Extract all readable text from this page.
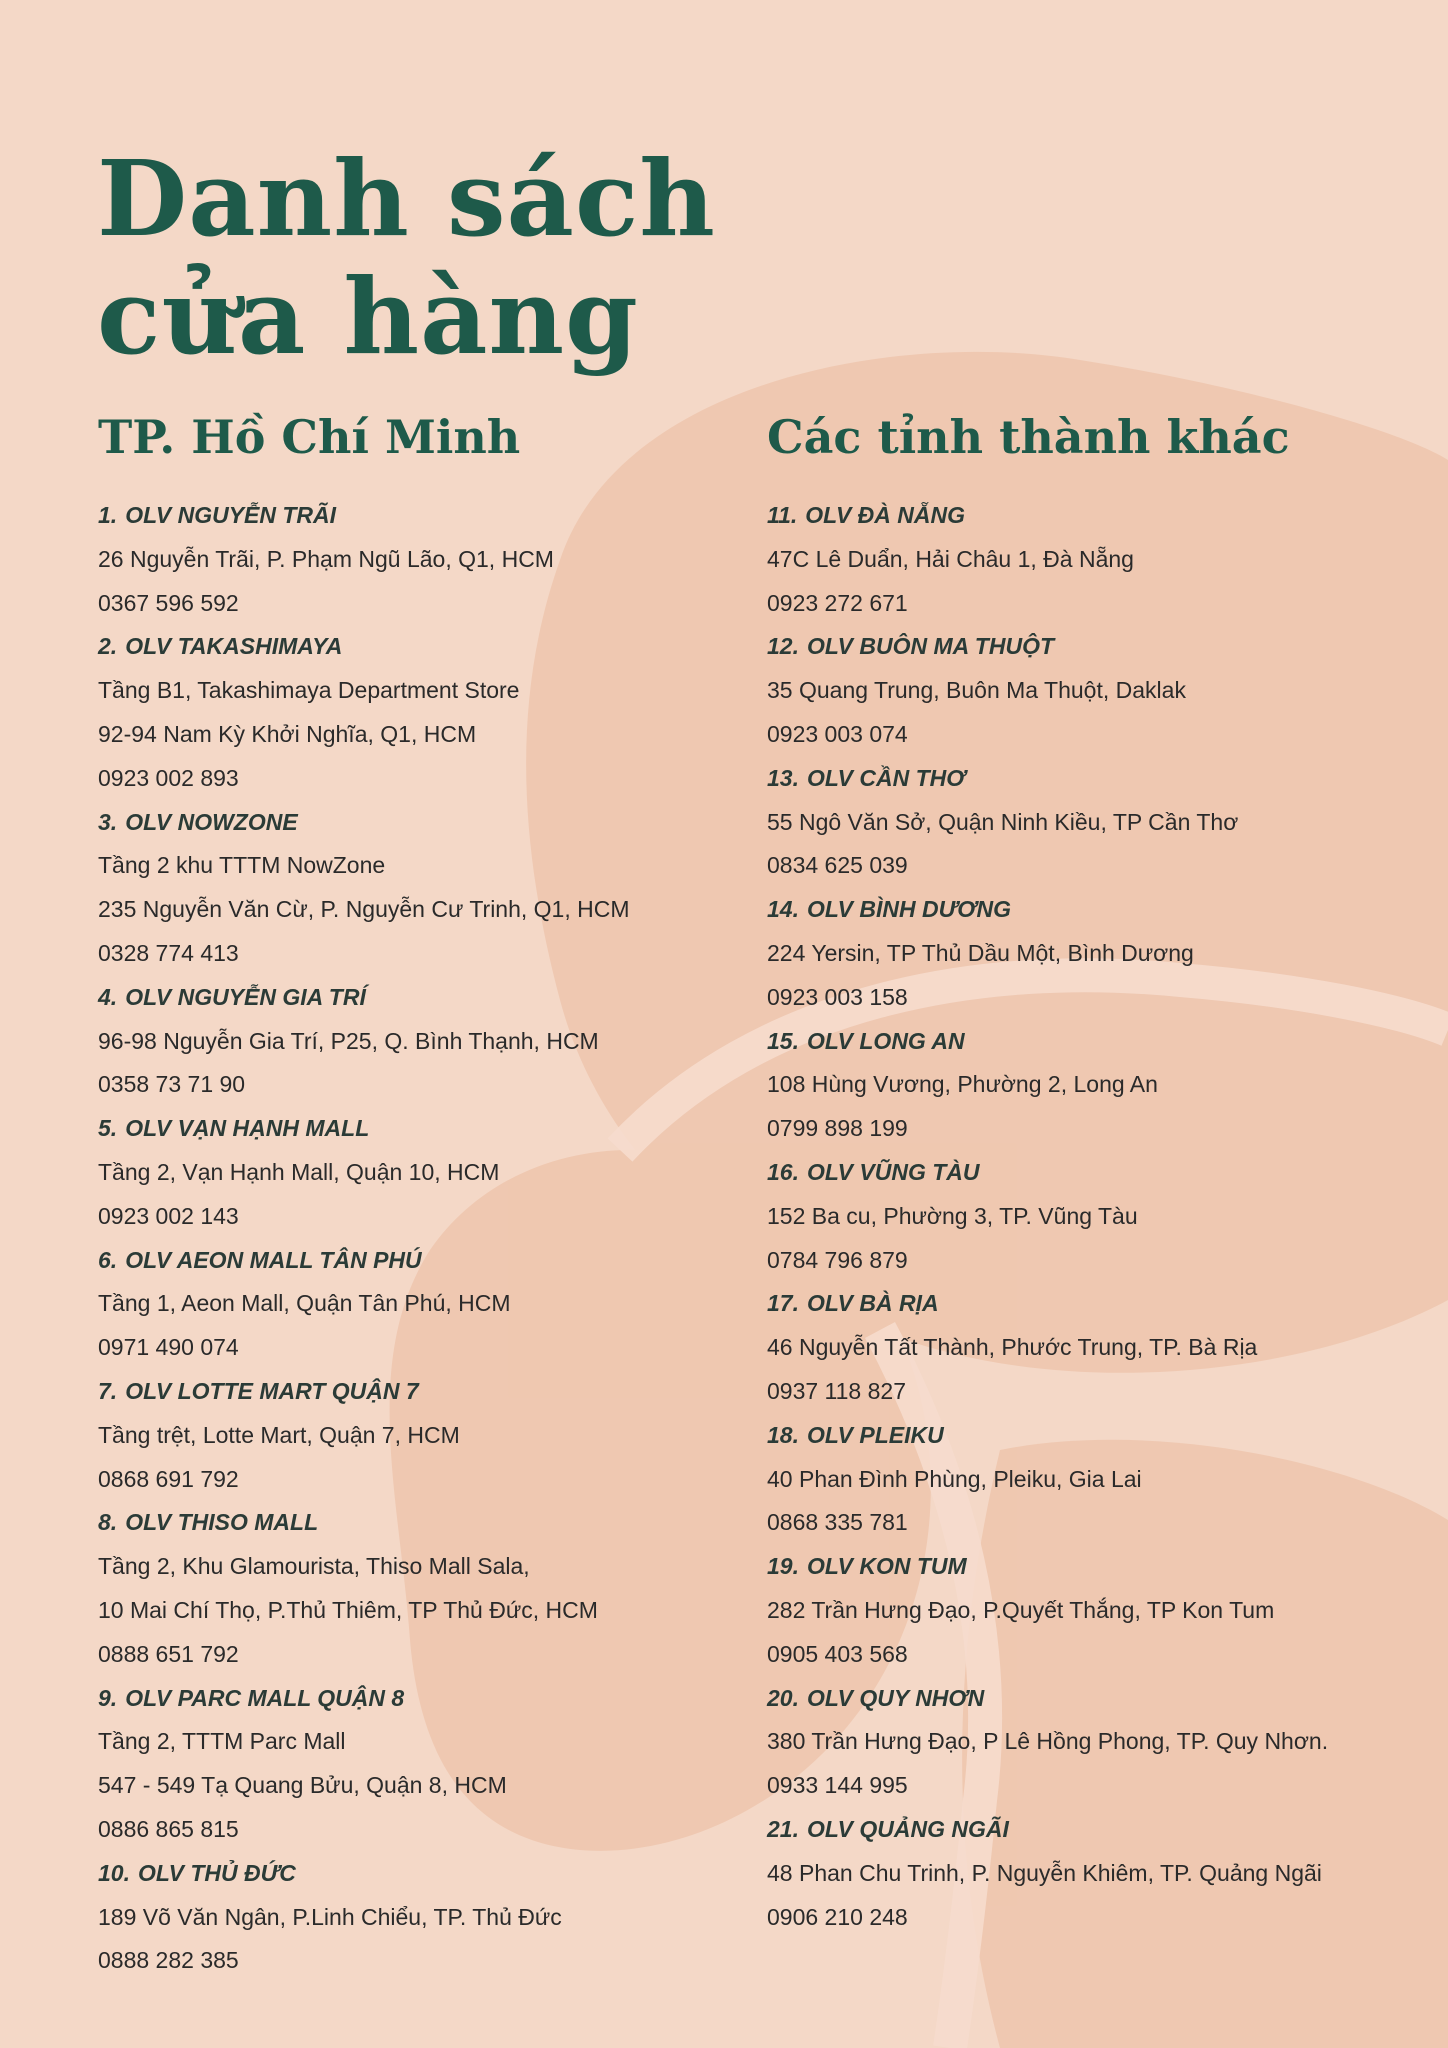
Danh sách
cửa hàng
TP. Hồ Chí Minh
1. OLV NGUYỄN TRÃI
26 Nguyễn Trãi, P. Phạm Ngũ Lão, Q1, HCM
0367 596 592
2. OLV TAKASHIMAYA
Tầng B1, Takashimaya Department Store
92-94 Nam Kỳ Khởi Nghĩa, Q1, HCM
0923 002 893
3. OLV NOWZONE
Tầng 2 khu TTTM NowZone
235 Nguyễn Văn Cừ, P. Nguyễn Cư Trinh, Q1, HCM
0328 774 413
4. OLV NGUYỄN GIA TRÍ
96-98 Nguyễn Gia Trí, P25, Q. Bình Thạnh, HCM
0358 73 71 90
5. OLV VẠN HẠNH MALL
Tầng 2, Vạn Hạnh Mall, Quận 10, HCM
0923 002 143
6. OLV AEON MALL TÂN PHÚ
Tầng 1, Aeon Mall, Quận Tân Phú, HCM
0971 490 074
7. OLV LOTTE MART QUẬN 7
Tầng trệt, Lotte Mart, Quận 7, HCM
0868 691 792
8. OLV THISO MALL
Tầng 2, Khu Glamourista, Thiso Mall Sala,
10 Mai Chí Thọ, P.Thủ Thiêm, TP Thủ Đức, HCM
0888 651 792
9. OLV PARC MALL QUẬN 8
Tầng 2, TTTM Parc Mall
547 - 549 Tạ Quang Bửu, Quận 8, HCM
0886 865 815
10. OLV THỦ ĐỨC
189 Võ Văn Ngân, P.Linh Chiểu, TP. Thủ Đức
0888 282 385
Các tỉnh thành khác
11. OLV ĐÀ NẴNG
47C Lê Duẩn, Hải Châu 1, Đà Nẵng
0923 272 671
12. OLV BUÔN MA THUỘT
35 Quang Trung, Buôn Ma Thuột, Daklak
0923 003 074
13. OLV CẦN THƠ
55 Ngô Văn Sở, Quận Ninh Kiều, TP Cần Thơ
0834 625 039
14. OLV BÌNH DƯƠNG
224 Yersin, TP Thủ Dầu Một, Bình Dương
0923 003 158
15. OLV LONG AN
108 Hùng Vương, Phường 2, Long An
0799 898 199
16. OLV VŨNG TÀU
152 Ba cu, Phường 3, TP. Vũng Tàu
0784 796 879
17. OLV BÀ RỊA
46 Nguyễn Tất Thành, Phước Trung, TP. Bà Rịa
0937 118 827
18. OLV PLEIKU
40 Phan Đình Phùng, Pleiku, Gia Lai
0868 335 781
19. OLV KON TUM
282 Trần Hưng Đạo, P.Quyết Thắng, TP Kon Tum
0905 403 568
20. OLV QUY NHƠN
380 Trần Hưng Đạo, P Lê Hồng Phong, TP. Quy Nhơn.
0933 144 995
21. OLV QUẢNG NGÃI
48 Phan Chu Trinh, P. Nguyễn Khiêm, TP. Quảng Ngãi
0906 210 248
